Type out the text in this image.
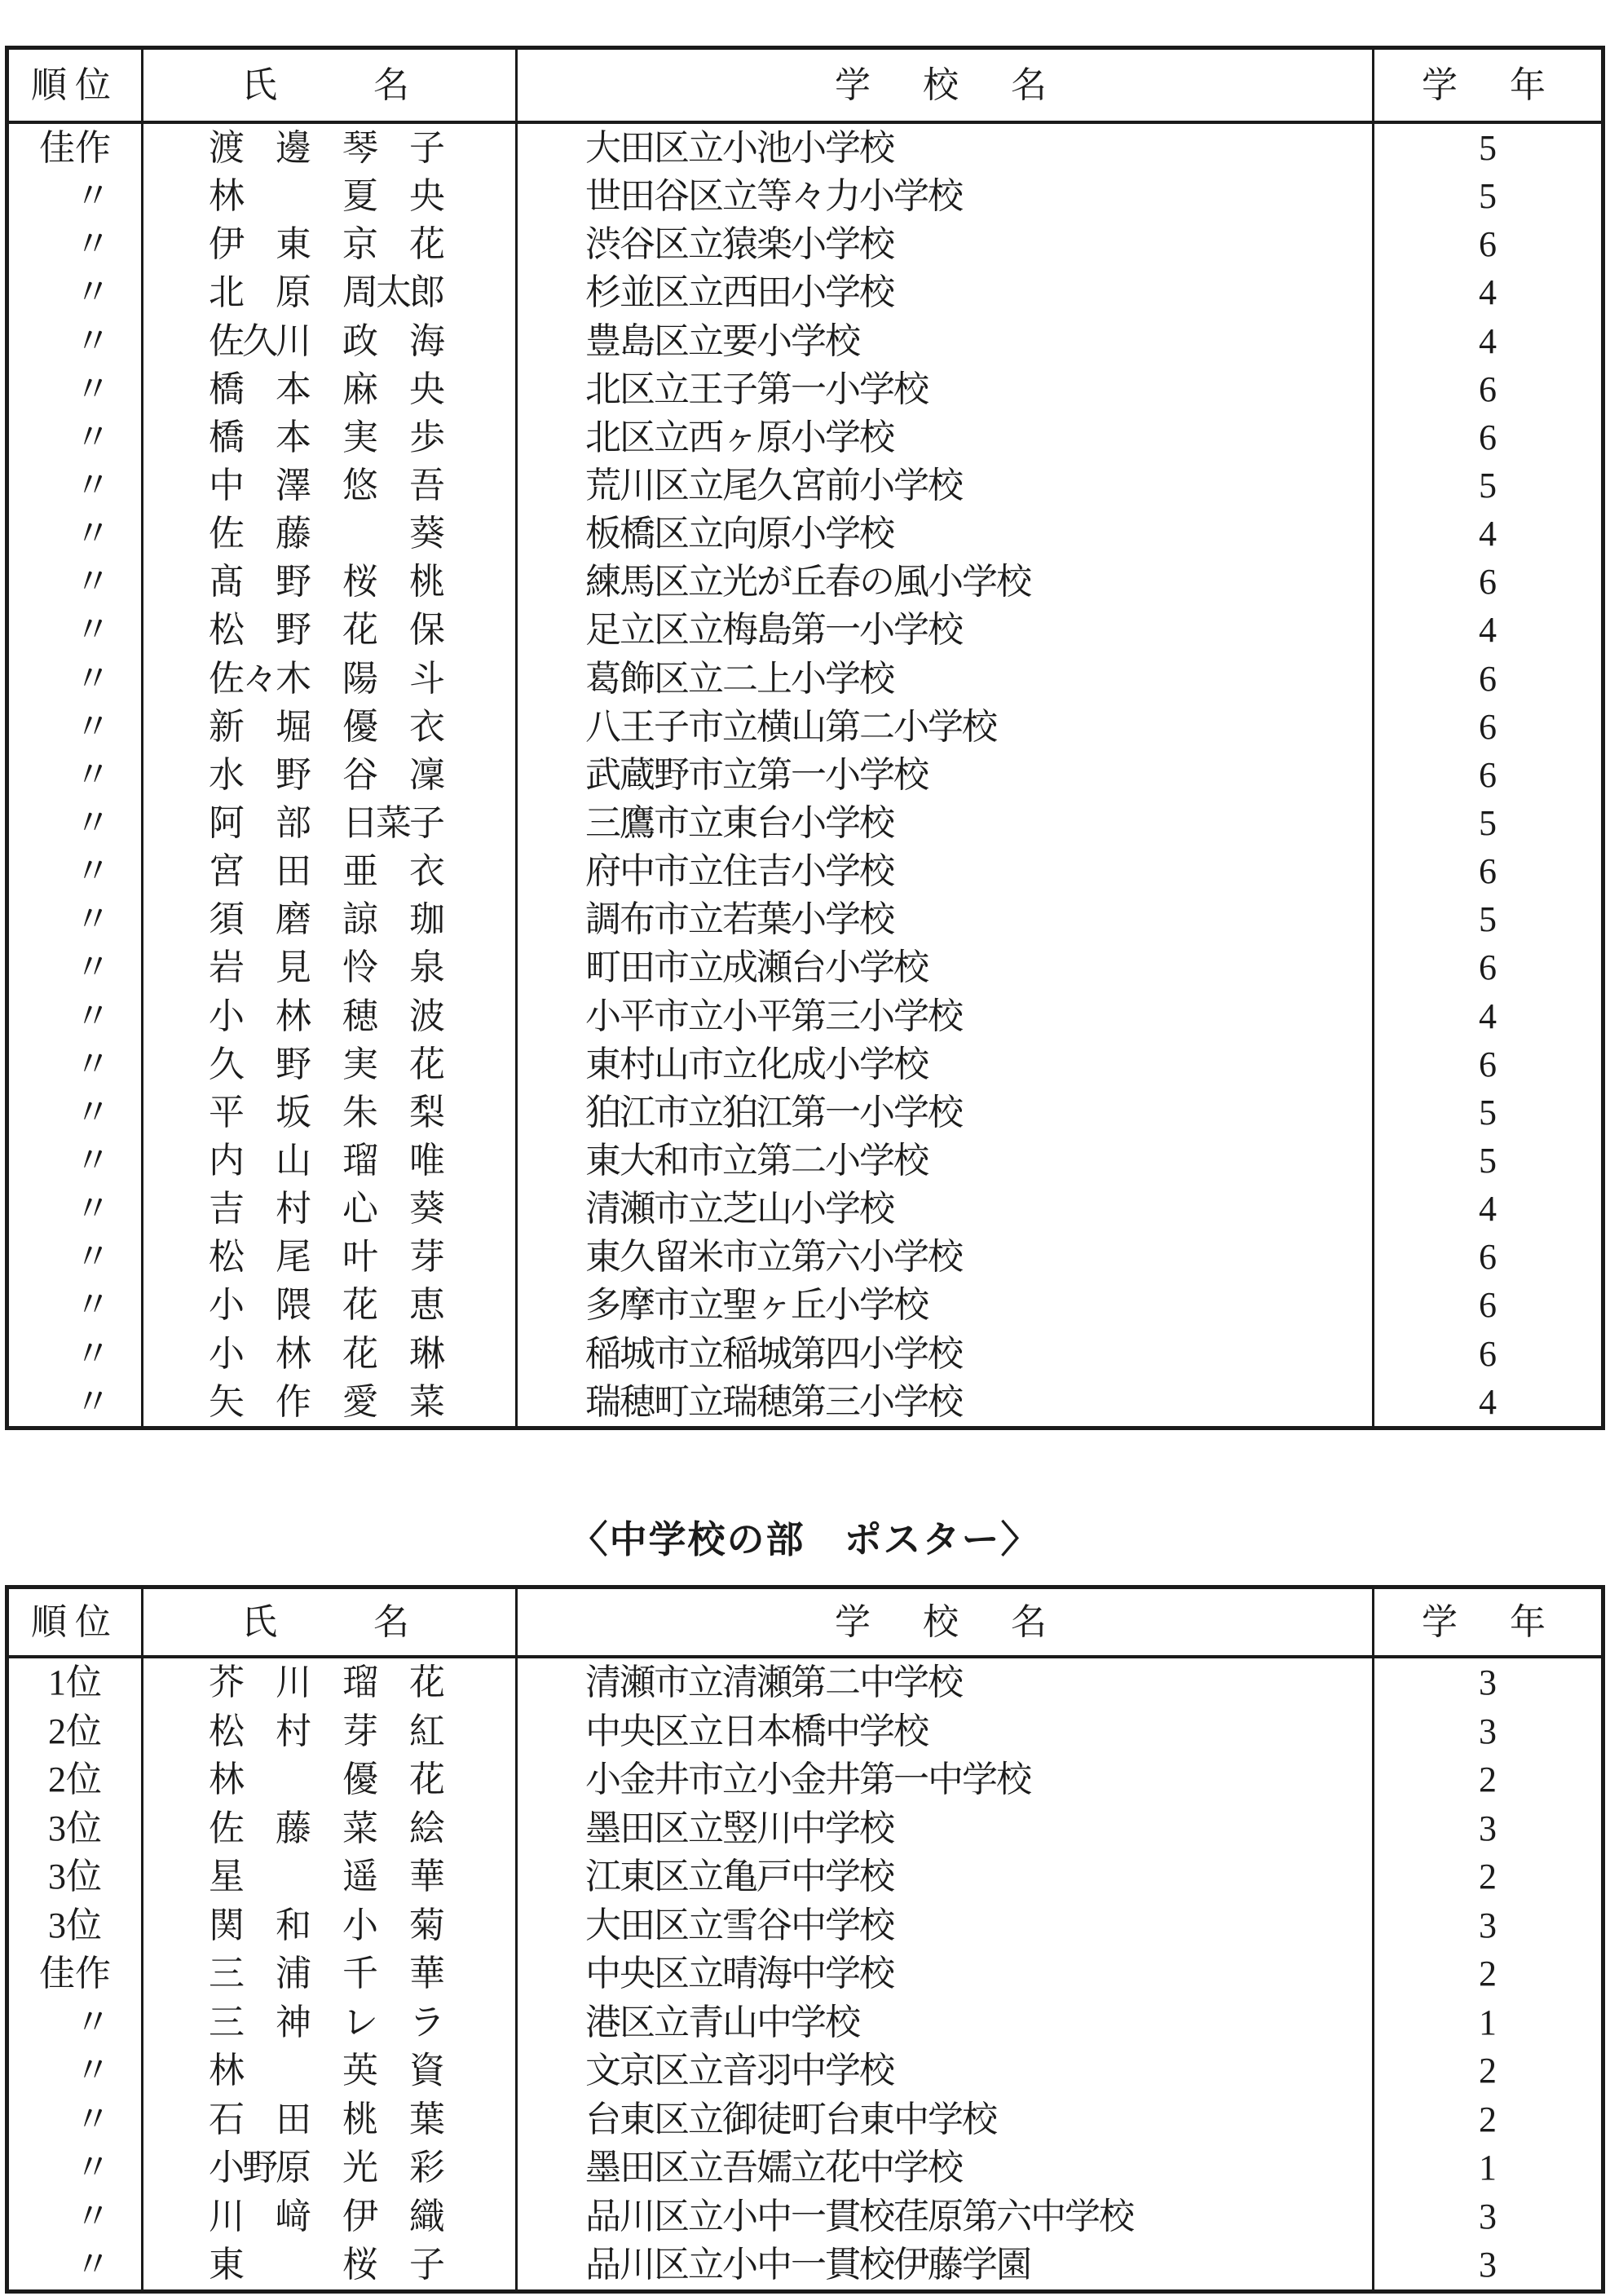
順位	氏　　名	学　校　名	学　年
佳作	渡　邊　琴　子	大田区立小池小学校	5
　〃	林　　　夏　央	世田谷区立等々力小学校	5
　〃	伊　東　京　花	渋谷区立猿楽小学校	6
　〃	北　原　周太郎	杉並区立西田小学校	4
　〃	佐久川　政　海	豊島区立要小学校	4
　〃	橋　本　麻　央	北区立王子第一小学校	6
　〃	橋　本　実　歩	北区立西ヶ原小学校	6
　〃	中　澤　悠　吾	荒川区立尾久宮前小学校	5
　〃	佐　藤　　　葵	板橋区立向原小学校	4
　〃	髙　野　桜　桃	練馬区立光が丘春の風小学校	6
　〃	松　野　花　保	足立区立梅島第一小学校	4
　〃	佐々木　陽　斗	葛飾区立二上小学校	6
　〃	新　堀　優　衣	八王子市立横山第二小学校	6
　〃	水　野　谷　凜	武蔵野市立第一小学校	6
　〃	阿　部　日菜子	三鷹市立東台小学校	5
　〃	宮　田　亜　衣	府中市立住吉小学校	6
　〃	須　磨　諒　珈	調布市立若葉小学校	5
　〃	岩　見　怜　泉	町田市立成瀬台小学校	6
　〃	小　林　穂　波	小平市立小平第三小学校	4
　〃	久　野　実　花	東村山市立化成小学校	6
　〃	平　坂　朱　梨	狛江市立狛江第一小学校	5
　〃	内　山　瑠　唯	東大和市立第二小学校	5
　〃	吉　村　心　葵	清瀬市立芝山小学校	4
　〃	松　尾　叶　芽	東久留米市立第六小学校	6
　〃	小　隈　花　恵	多摩市立聖ヶ丘小学校	6
　〃	小　林　花　琳	稲城市立稲城第四小学校	6
　〃	矢　作　愛　菜	瑞穂町立瑞穂第三小学校	4
〈中学校の部　ポスター〉
順位	氏　　名	学　校　名	学　年
1位	芥　川　瑠　花	清瀬市立清瀬第二中学校	3
2位	松　村　芽　紅	中央区立日本橋中学校	3
2位	林　　　優　花	小金井市立小金井第一中学校	2
3位	佐　藤　菜　絵	墨田区立竪川中学校	3
3位	星　　　遥　華	江東区立亀戸中学校	2
3位	関　和　小　菊	大田区立雪谷中学校	3
佳作	三　浦　千　華	中央区立晴海中学校	2
　〃	三　神　レ　ラ	港区立青山中学校	1
　〃	林　　　英　資	文京区立音羽中学校	2
　〃	石　田　桃　葉	台東区立御徒町台東中学校	2
　〃	小野原　光　彩	墨田区立吾嬬立花中学校	1
　〃	川　﨑　伊　織	品川区立小中一貫校荏原第六中学校	3
　〃	東　　　桜　子	品川区立小中一貫校伊藤学園	3
